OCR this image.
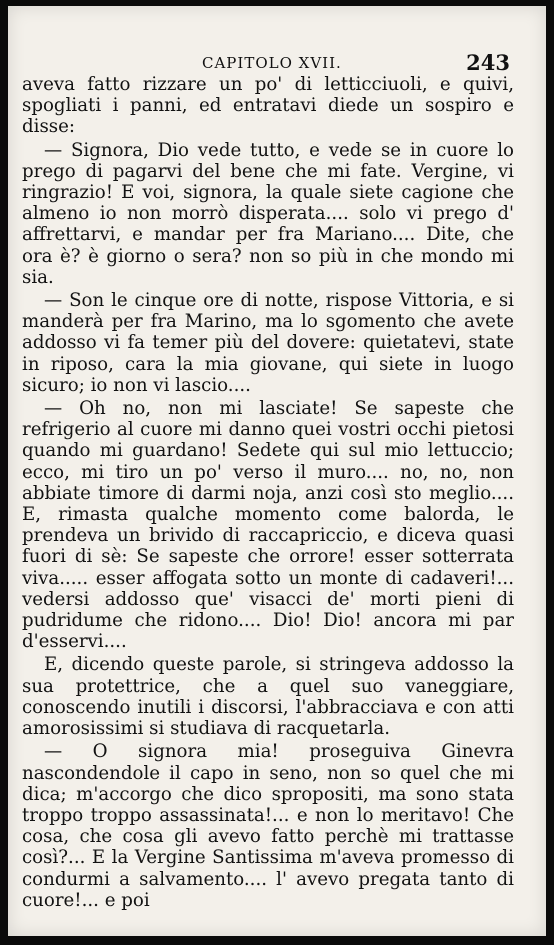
CAPITOLO XVII.	243

aveva fatto rizzare un po' di letticciuoli, e quivi, spogliati i panni, ed entratavi diede un sospiro e disse:

— Signora, Dio vede tutto, e vede se in cuore lo prego di pagarvi del bene che mi fate. Vergine, vi ringrazio! E voi, signora, la quale siete cagione che almeno io non morrò disperata.... solo vi prego d' affrettarvi, e mandar per fra Mariano.... Dite, che ora è? è giorno o sera? non so più in che mondo mi sia.

— Son le cinque ore di notte, rispose Vittoria, e si manderà per fra Marino, ma lo sgomento che avete addosso vi fa temer più del dovere: quietatevi, state in riposo, cara la mia giovane, qui siete in luogo sicuro; io non vi lascio....

— Oh no, non mi lasciate! Se sapeste che refrigerio al cuore mi danno quei vostri occhi pietosi quando mi guardano! Sedete qui sul mio lettuccio; ecco, mi tiro un po' verso il muro.... no, no, non abbiate timore di darmi noja, anzi così sto meglio.... E, rimasta qualche momento come balorda, le prendeva un brivido di raccapriccio, e diceva quasi fuori di sè: Se sapeste che orrore! esser sotterrata viva..... esser affogata sotto un monte di cadaveri!... vedersi addosso que' visacci de' morti pieni di pudridume che ridono.... Dio! Dio! ancora mi par d'esservi....

E, dicendo queste parole, si stringeva addosso la sua protettrice, che a quel suo vaneggiare, conoscendo inutili i discorsi, l'abbracciava e con atti amorosissimi si studiava di racquetarla.

— O signora mia! proseguiva Ginevra nascondendole il capo in seno, non so quel che mi dica; m'accorgo che dico spropositi, ma sono stata troppo troppo assassinata!... e non lo meritavo! Che cosa, che cosa gli avevo fatto perchè mi trattasse così?... E la Vergine Santissima m'aveva promesso di condurmi a salvamento.... l' avevo pregata tanto di cuore!... e poi
